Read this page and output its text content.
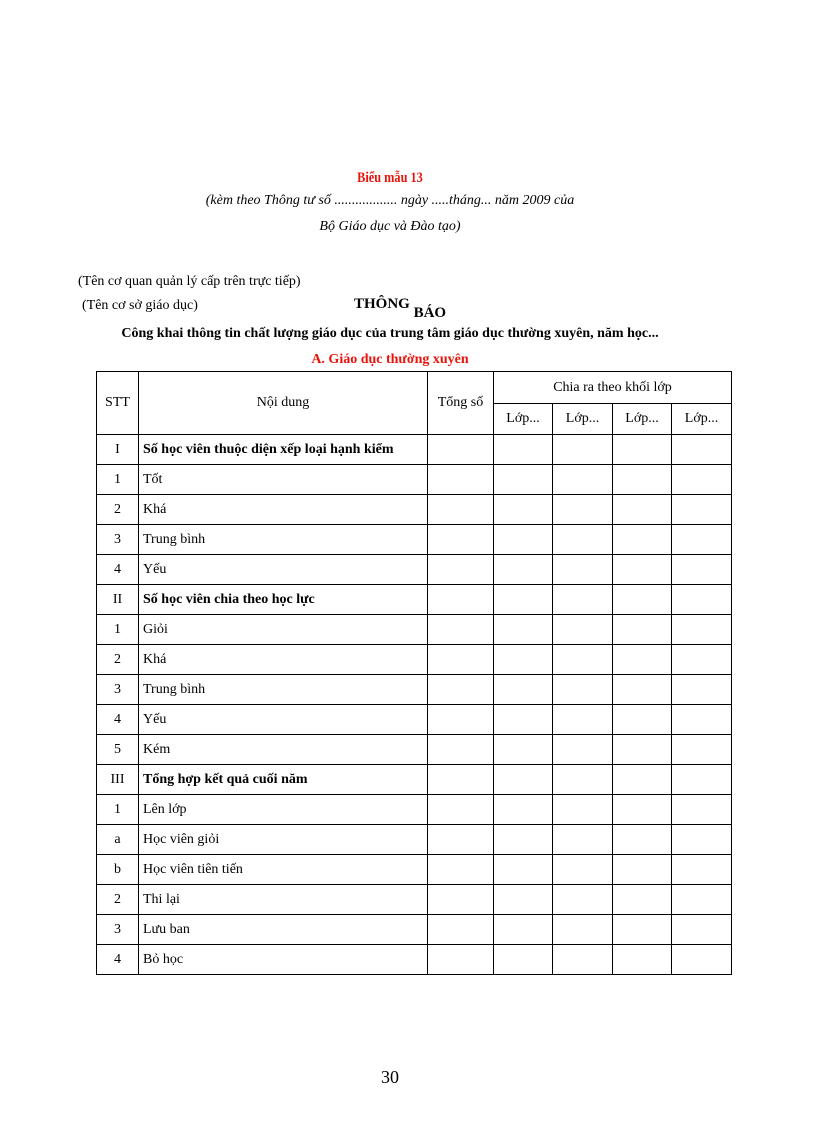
Biểu mẫu 13
(kèm theo Thông tư số .................. ngày .....tháng... năm 2009 của
Bộ Giáo dục và Đào tạo)
(Tên cơ quan quản lý cấp trên trực tiếp)
(Tên cơ sở giáo dục)	THÔNG BÁO
Công khai thông tin chất lượng giáo dục của trung tâm giáo dục thường xuyên, năm học...
A. Giáo dục thường xuyên
STT	Nội dung	Tổng số	Chia ra theo khối lớp			
			Lớp...	Lớp...	Lớp...	Lớp...
I	Số học viên thuộc diện xếp loại hạnh kiểm					
1	Tốt					
2	Khá					
3	Trung bình					
4	Yếu					
II	Số học viên chia theo học lực					
1	Giỏi					
2	Khá					
3	Trung bình					
4	Yếu					
5	Kém					
III	Tổng hợp kết quả cuối năm					
1	Lên lớp					
a	Học viên giỏi					
b	Học viên tiên tiến					
2	Thi lại					
3	Lưu ban					
4	Bỏ học					
30
